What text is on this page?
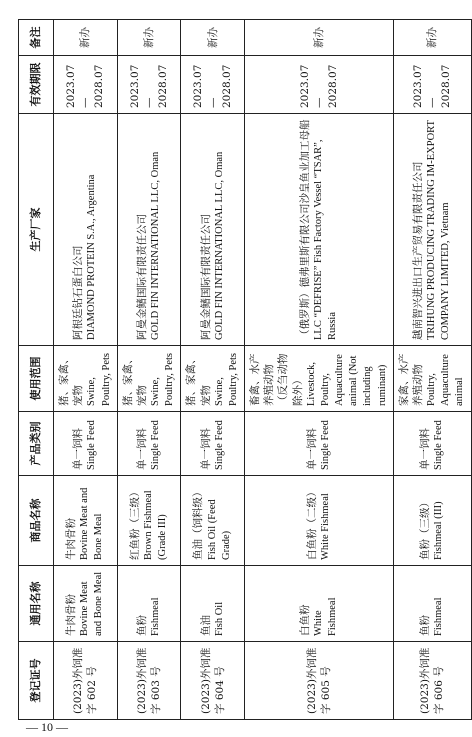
登记证号	通用名称	商品名称	产品类别	使用范围	生产厂家	有效期限	备注
(2023)外饲准字 602 号	牛肉骨粉 Bovine Meat and Bone Meal	牛肉骨粉 Bovine Meat and Bone Meal	单一饲料 Single Feed	猪、家禽、宠物 Swine, Poultry, Pets	阿根廷钻石蛋白公司 DIAMOND PROTEIN S.A., Argentina	2023.07 — 2028.07	新办
(2023)外饲准字 603 号	鱼粉 Fishmeal	红鱼粉（三级） Brown Fishmeal (Grade III)	单一饲料 Single Feed	猪、家禽、宠物 Swine, Poultry, Pets	阿曼金鳍国际有限责任公司 GOLD FIN INTERNATIONAL LLC, Oman	2023.07 — 2028.07	新办
(2023)外饲准字 604 号	鱼油 Fish Oil	鱼油（饲料级） Fish Oil (Feed Grade)	单一饲料 Single Feed	猪、家禽、宠物 Swine, Poultry, Pets	阿曼金鳍国际有限责任公司 GOLD FIN INTERNATIONAL LLC, Oman	2023.07 — 2028.07	新办
(2023)外饲准字 605 号	白鱼粉 White Fishmeal	白鱼粉（二级） White Fishmeal	单一饲料 Single Feed	畜禽、水产养殖动物（反刍动物除外） Livestock, Poultry, Aquaculture animal (Not including ruminant)	（俄罗斯）德弗里斯有限公司沙皇鱼业加工母船 LLC “DEFRISE” Fish Factory Vessel “TSAR”, Russia	2023.07 — 2028.07	新办
(2023)外饲准字 606 号	鱼粉 Fishmeal	鱼粉（三级） Fishmeal (III)	单一饲料 Single Feed	家禽、水产养殖动物 Poultry, Aquaculture animal	越南智兴进出口生产贸易有限责任公司 TRIHUNG PRODUCING TRADING IM-EXPORT COMPANY LIMITED, Vietnam	2023.07 — 2028.07	新办
— 10 —
